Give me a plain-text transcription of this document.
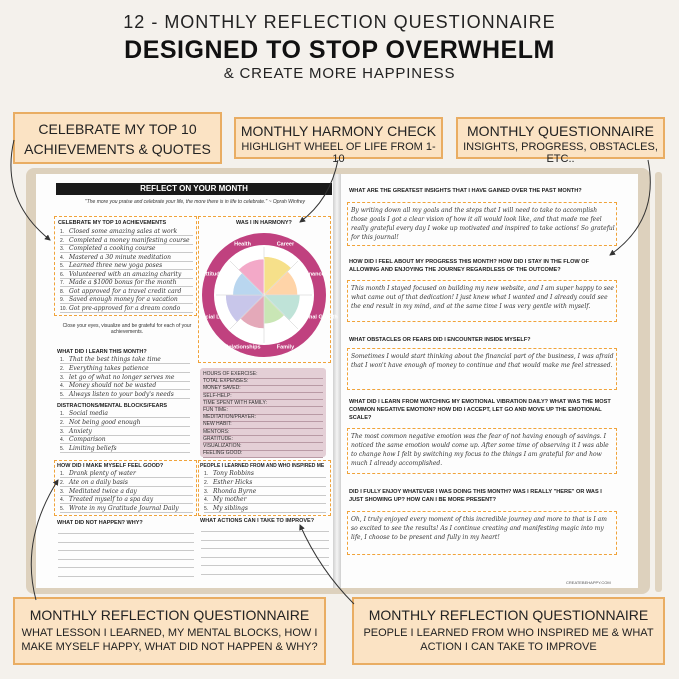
12 - MONTHLY REFLECTION QUESTIONNAIRE
DESIGNED TO STOP OVERWHELM
& CREATE MORE HAPPINESS
CELEBRATE MY TOP 10 ACHIEVEMENTS & QUOTES
MONTHLY HARMONY CHECK
HIGHLIGHT WHEEL OF LIFE FROM 1-10
MONTHLY QUESTIONNAIRE
INSIGHTS, PROGRESS, OBSTACLES, ETC..
REFLECT ON YOUR MONTH
"The more you praise and celebrate your life, the more there is in life to celebrate." ~ Oprah Winfrey
CELEBRATE MY TOP 10 ACHIEVEMENTS
1. Closed some amazing sales at work
2. Completed a money manifesting course
3. Completed a cooking course
4. Mastered a 30 minute meditation
5. Learned three new yoga poses
6. Volunteered with an amazing charity
7. Made a $1000 bonus for the month
8. Got approved for a travel credit card
9. Saved enough money for a vacation
10. Got pre-approved for a dream condo
WAS I IN HARMONY?
Career
Finances
Personal Growth
Family
Relationships
Social Life
Attitude
Health
Close your eyes, visualize and be grateful for each of your achievements.
WHAT DID I LEARN THIS MONTH?
1. That the best things take time
2. Everything takes patience
3. let go of what no longer serves me
4. Money should not be wasted
5. Always listen to your body's needs
DISTRACTIONS/MENTAL BLOCKS/FEARS
1. Social media
2. Not being good enough
3. Anxiety
4. Comparison
5. Limiting beliefs
HOURS OF EXERCISE:
TOTAL EXPENSES:
MONEY SAVED:
SELF-HELP:
TIME SPENT WITH FAMILY:
FUN TIME:
MEDITATION/PRAYER:
NEW HABIT:
MENTORS:
GRATITUDE:
VISUALIZATION:
FEELING GOOD:
HOW DID I MAKE MYSELF FEEL GOOD?
1. Drank plenty of water
2. Ate on a daily basis
3. Meditated twice a day
4. Treated myself to a spa day
5. Wrote in my Gratitude Journal Daily
WHAT DID NOT HAPPEN? WHY?
PEOPLE I LEARNED FROM AND WHO INSPIRED ME
1. Tony Robbins
2. Esther Hicks
3. Rhonda Byrne
4. My mother
5. My siblings
WHAT ACTIONS CAN I TAKE TO IMPROVE?
WHAT ARE THE GREATEST INSIGHTS THAT I HAVE GAINED OVER THE PAST MONTH?
By writing down all my goals and the steps that I will need to take to accomplish those goals I got a clear vision of how it all would look like, and that made me feel really grateful every day I woke up motivated and inspired to take actions! So grateful for this journal!
HOW DID I FEEL ABOUT MY PROGRESS THIS MONTH? HOW DID I STAY IN THE FLOW OF ALLOWING AND ENJOYING THE JOURNEY REGARDLESS OF THE OUTCOME?
This month I stayed focused on building my new website, and I am super happy to see what came out of that dedication! I just knew what I wanted and I already could see the end result in my mind, and at the same time I was very gentle with myself.
WHAT OBSTACLES OR FEARS DID I ENCOUNTER INSIDE MYSELF?
Sometimes I would start thinking about the financial part of the business, I was afraid that I won't have enough of money to continue and that would make me feel stressed.
WHAT DID I LEARN FROM WATCHING MY EMOTIONAL VIBRATION DAILY? WHAT WAS THE MOST COMMON NEGATIVE EMOTION? HOW DID I ACCEPT, LET GO AND MOVE UP THE EMOTIONAL SCALE?
The most common negative emotion was the fear of not having enough of savings. I noticed the same emotion would come up. After some time of observing it I was able to change how I felt by switching my focus to the things I am grateful for and how much I already accomplished.
DID I FULLY ENJOY WHATEVER I WAS DOING THIS MONTH? WAS I REALLY "HERE" OR WAS I JUST SHOWING UP? HOW CAN I BE MORE PRESENT?
Oh, I truly enjoyed every moment of this incredible journey and more to that is I am so excited to see the results! As I continue creating and manifesting magic into my life, I choose to be present and fully in my heart!
CREATEBEHAPPY.COM
MONTHLY REFLECTION QUESTIONNAIRE
WHAT LESSON I LEARNED, MY MENTAL BLOCKS, HOW I MAKE MYSELF HAPPY, WHAT DID NOT HAPPEN & WHY?
MONTHLY REFLECTION QUESTIONNAIRE
PEOPLE I LEARNED FROM WHO INSPIRED ME & WHAT ACTION I CAN TAKE TO IMPROVE
